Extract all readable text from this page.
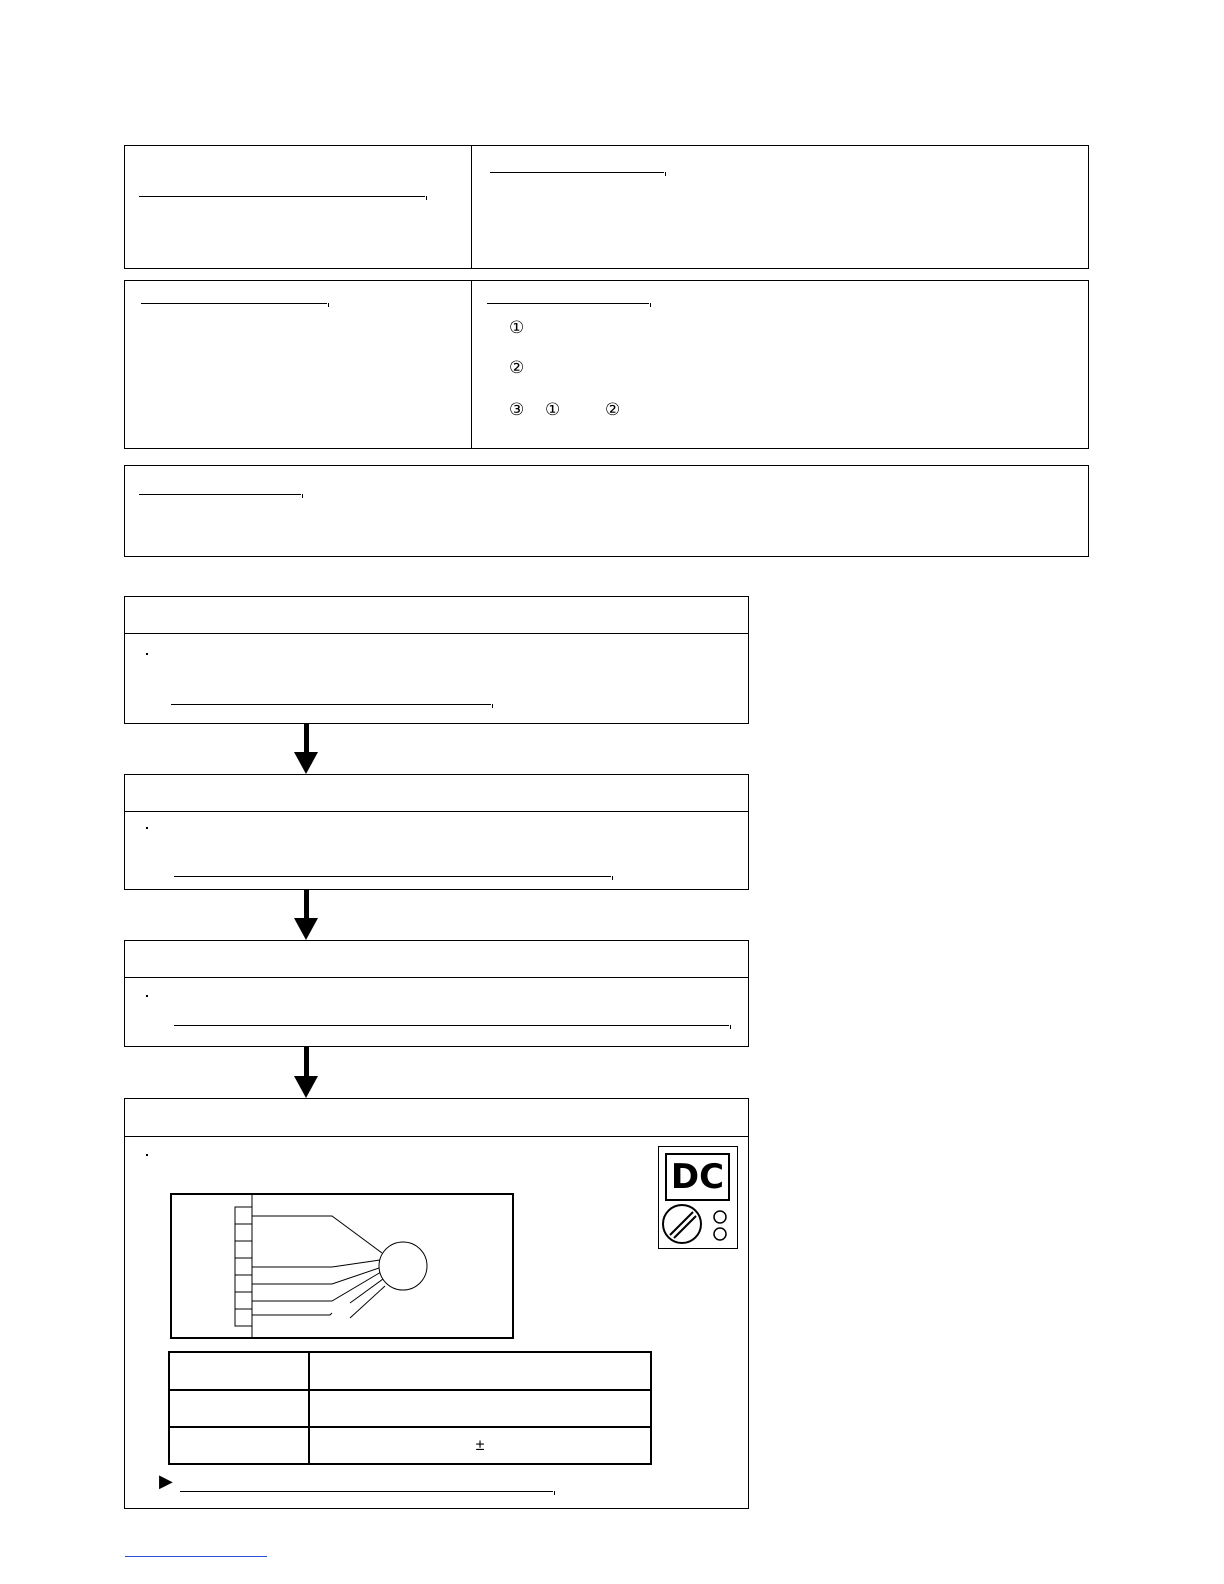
①
②
③ ①	②
DC

	±
▶
